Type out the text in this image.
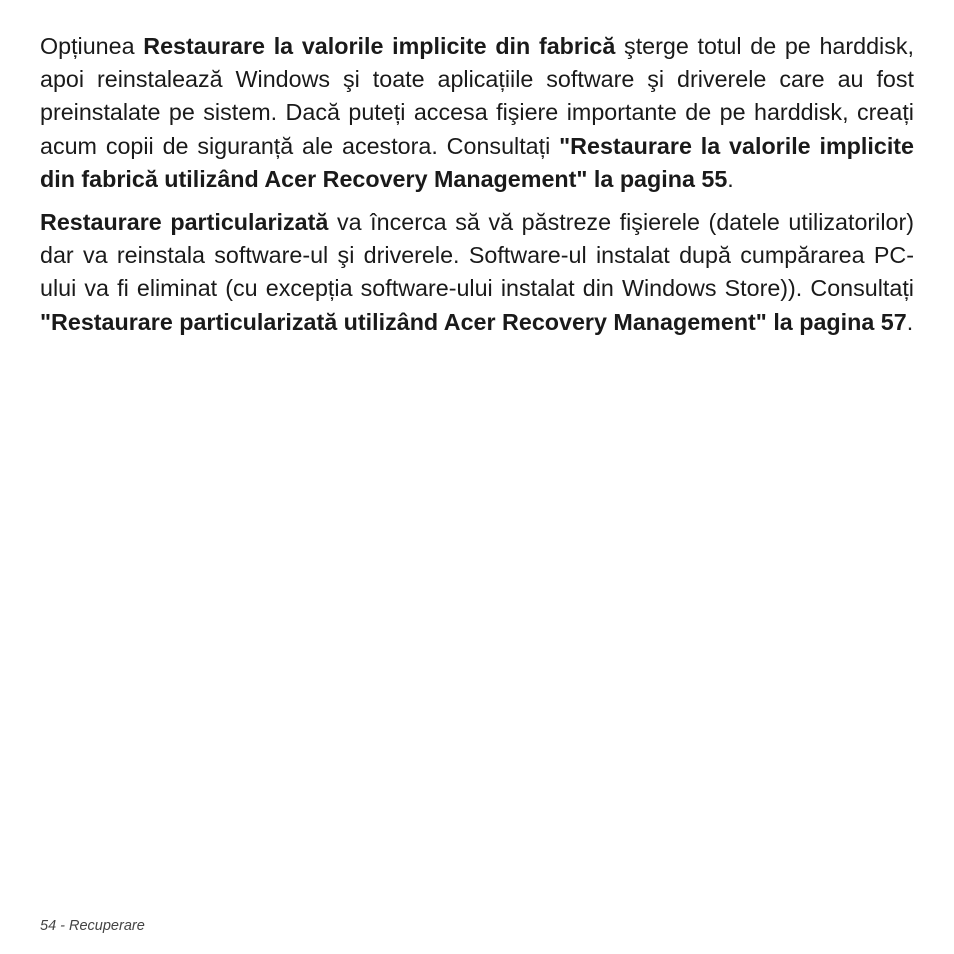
Opțiunea Restaurare la valorile implicite din fabrică şterge totul de pe harddisk, apoi reinstalează Windows şi toate aplicațiile software şi driverele care au fost preinstalate pe sistem. Dacă puteți accesa fişiere importante de pe harddisk, creați acum copii de siguranță ale acestora. Consultați "Restaurare la valorile implicite din fabrică utilizând Acer Recovery Management" la pagina 55.

Restaurare particularizată va încerca să vă păstreze fişierele (datele utilizatorilor) dar va reinstala software-ul şi driverele. Software-ul instalat după cumpărarea PC-ului va fi eliminat (cu excepția software-ului instalat din Windows Store)). Consultați "Restaurare particularizată utilizând Acer Recovery Management" la pagina 57.

54 - Recuperare
